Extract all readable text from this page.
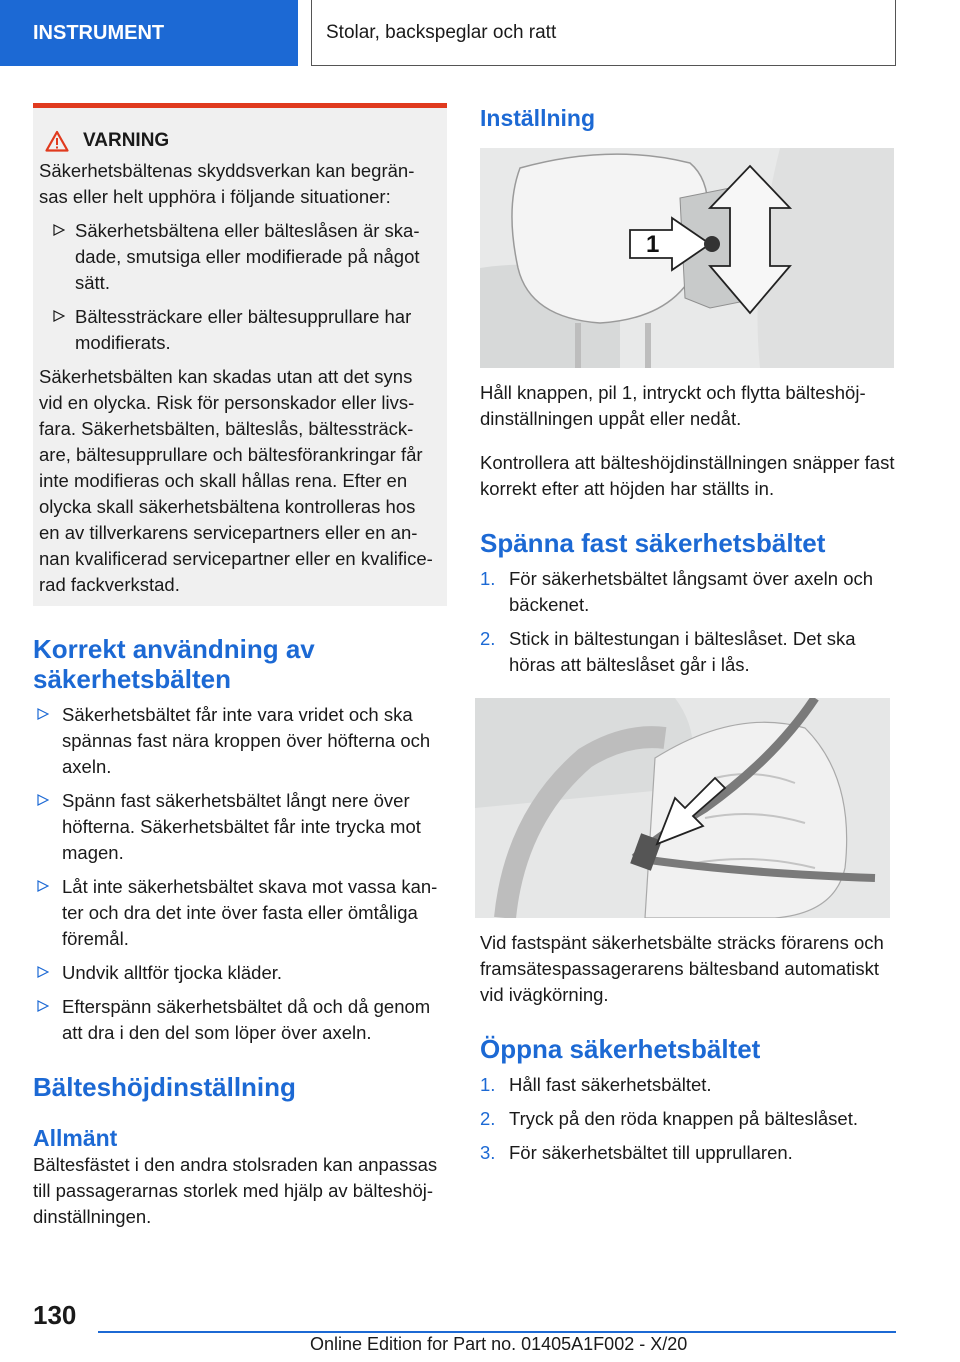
INSTRUMENT	Stolar, backspeglar och ratt
VARNING

Säkerhetsbältenas skyddsverkan kan begrän-sas eller helt upphöra i följande situationer:

Säkerhetsbältena eller bälteslåsen är ska-dade, smutsiga eller modifierade på något sätt.
Bältessträckare eller bältesupprullare har modifierats.

Säkerhetsbälten kan skadas utan att det syns vid en olycka. Risk för personskador eller livs-fara. Säkerhetsbälten, bälteslås, bältessträck-are, bältesupprullare och bältesförankringar får inte modifieras och skall hållas rena. Efter en olycka skall säkerhetsbältena kontrolleras hos en av tillverkarens servicepartners eller en an-nan kvalificerad servicepartner eller en kvalifice-rad fackverkstad.

Korrekt användning av
säkerhetsbälten
Säkerhetsbältet får inte vara vridet och ska spännas fast nära kroppen över höfterna och axeln.
Spänn fast säkerhetsbältet långt nere över höfterna. Säkerhetsbältet får inte trycka mot magen.
Låt inte säkerhetsbältet skava mot vassa kan-ter och dra det inte över fasta eller ömtåliga föremål.
Undvik alltför tjocka kläder.
Efterspänn säkerhetsbältet då och då genom att dra i den del som löper över axeln.
Bälteshöjdinställning
Allmänt

Bältesfästet i den andra stolsraden kan anpassas till passagerarnas storlek med hjälp av bälteshöj-dinställningen.

Inställning
1

Håll knappen, pil 1, intryckt och flytta bälteshöj-dinställningen uppåt eller nedåt.

Kontrollera att bälteshöjdinställningen snäpper fast korrekt efter att höjden har ställts in.

Spänna fast säkerhetsbältet
1. För säkerhetsbältet långsamt över axeln och bäckenet.
2. Stick in bältestungan i bälteslåset. Det ska höras att bälteslåset går i lås.

Vid fastspänt säkerhetsbälte sträcks förarens och framsätespassagerarens bältesband automatiskt vid ivägkörning.

Öppna säkerhetsbältet
1. Håll fast säkerhetsbältet.
2. Tryck på den röda knappen på bälteslåset.
3. För säkerhetsbältet till upprullaren.
130
Online Edition for Part no. 01405A1F002 - X/20
